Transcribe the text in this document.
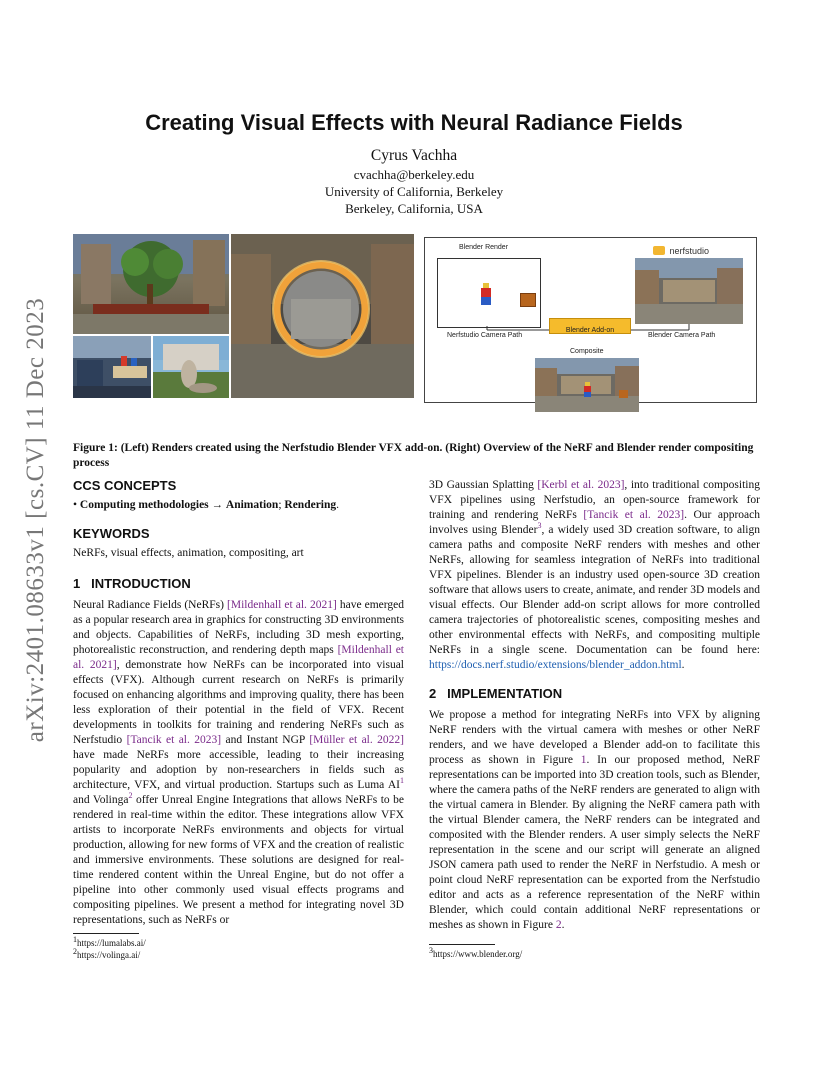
arXiv:2401.08633v1 [cs.CV] 11 Dec 2023
Creating Visual Effects with Neural Radiance Fields
Cyrus Vachha
cvachha@berkeley.edu
University of California, Berkeley
Berkeley, California, USA
Blender Render	nerfstudio
Nerfstudio Camera Path
Blender Add-on
Blender Camera Path
Composite
Figure 1: (Left) Renders created using the Nerfstudio Blender VFX add-on. (Right) Overview of the NeRF and Blender render compositing process
CCS CONCEPTS
• Computing methodologies → Animation; Rendering.
KEYWORDS
NeRFs, visual effects, animation, compositing, art
1 INTRODUCTION
Neural Radiance Fields (NeRFs) [Mildenhall et al. 2021] have emerged as a popular research area in graphics for constructing 3D environments and objects. Capabilities of NeRFs, including 3D mesh exporting, photorealistic reconstruction, and rendering depth maps [Mildenhall et al. 2021], demonstrate how NeRFs can be incorporated into visual effects (VFX). Although current research on NeRFs is primarily focused on enhancing algorithms and improving quality, there has been less exploration of their potential in the field of VFX. Recent developments in toolkits for training and rendering NeRFs such as Nerfstudio [Tancik et al. 2023] and Instant NGP [Müller et al. 2022] have made NeRFs more accessible, leading to their increasing popularity and adoption by non-researchers in fields such as architecture, VFX, and virtual production. Startups such as Luma $AI^1$ and Volinga$^2$ offer Unreal Engine Integrations that allows NeRFs to be rendered in real-time within the editor. These integrations allow VFX artists to incorporate NeRFs environments and objects for virtual production, allowing for new forms of VFX and the creation of realistic and immersive environments. These solutions are designed for real-time rendered content within the Unreal Engine, but do not offer a pipeline into other commonly used visual effects programs and compositing pipelines. We present a method for integrating novel 3D representations, such as NeRFs or
$^1$https://lumalabs.ai/
$^2$https://volinga.ai/
3D Gaussian Splatting [Kerbl et al. 2023], into traditional compositing VFX pipelines using Nerfstudio, an open-source framework for training and rendering NeRFs [Tancik et al. 2023]. Our approach involves using Blender$^3$, a widely used 3D creation software, to align camera paths and composite NeRF renders with meshes and other NeRFs, allowing for seamless integration of NeRFs into traditional VFX pipelines. Blender is an industry used open-source 3D creation software that allows users to create, animate, and render 3D models and visual effects. Our Blender add-on script allows for more controlled camera trajectories of photorealistic scenes, compositing meshes and other environmental effects with NeRFs, and compositing multiple NeRFs in a single scene. Documentation can be found here: https://docs.nerf.studio/extensions/blender_addon.html.
2 IMPLEMENTATION
We propose a method for integrating NeRFs into VFX by aligning NeRF renders with the virtual camera with meshes or other NeRF renders, and we have developed a Blender add-on to facilitate this process as shown in Figure 1. In our proposed method, NeRF representations can be imported into 3D creation tools, such as Blender, where the camera paths of the NeRF renders are generated to align with the virtual camera in Blender. By aligning the NeRF camera path with the virtual Blender camera, the NeRF renders can be integrated and composited with the Blender renders. A user simply selects the NeRF representation in the scene and our script will generate an aligned JSON camera path used to render the NeRF in Nerfstudio. A mesh or point cloud NeRF representation can be exported from the Nerfstudio editor and acts as a reference representation of the NeRF within Blender, which could contain additional NeRF representations or meshes as shown in Figure 2.
$^3$https://www.blender.org/
